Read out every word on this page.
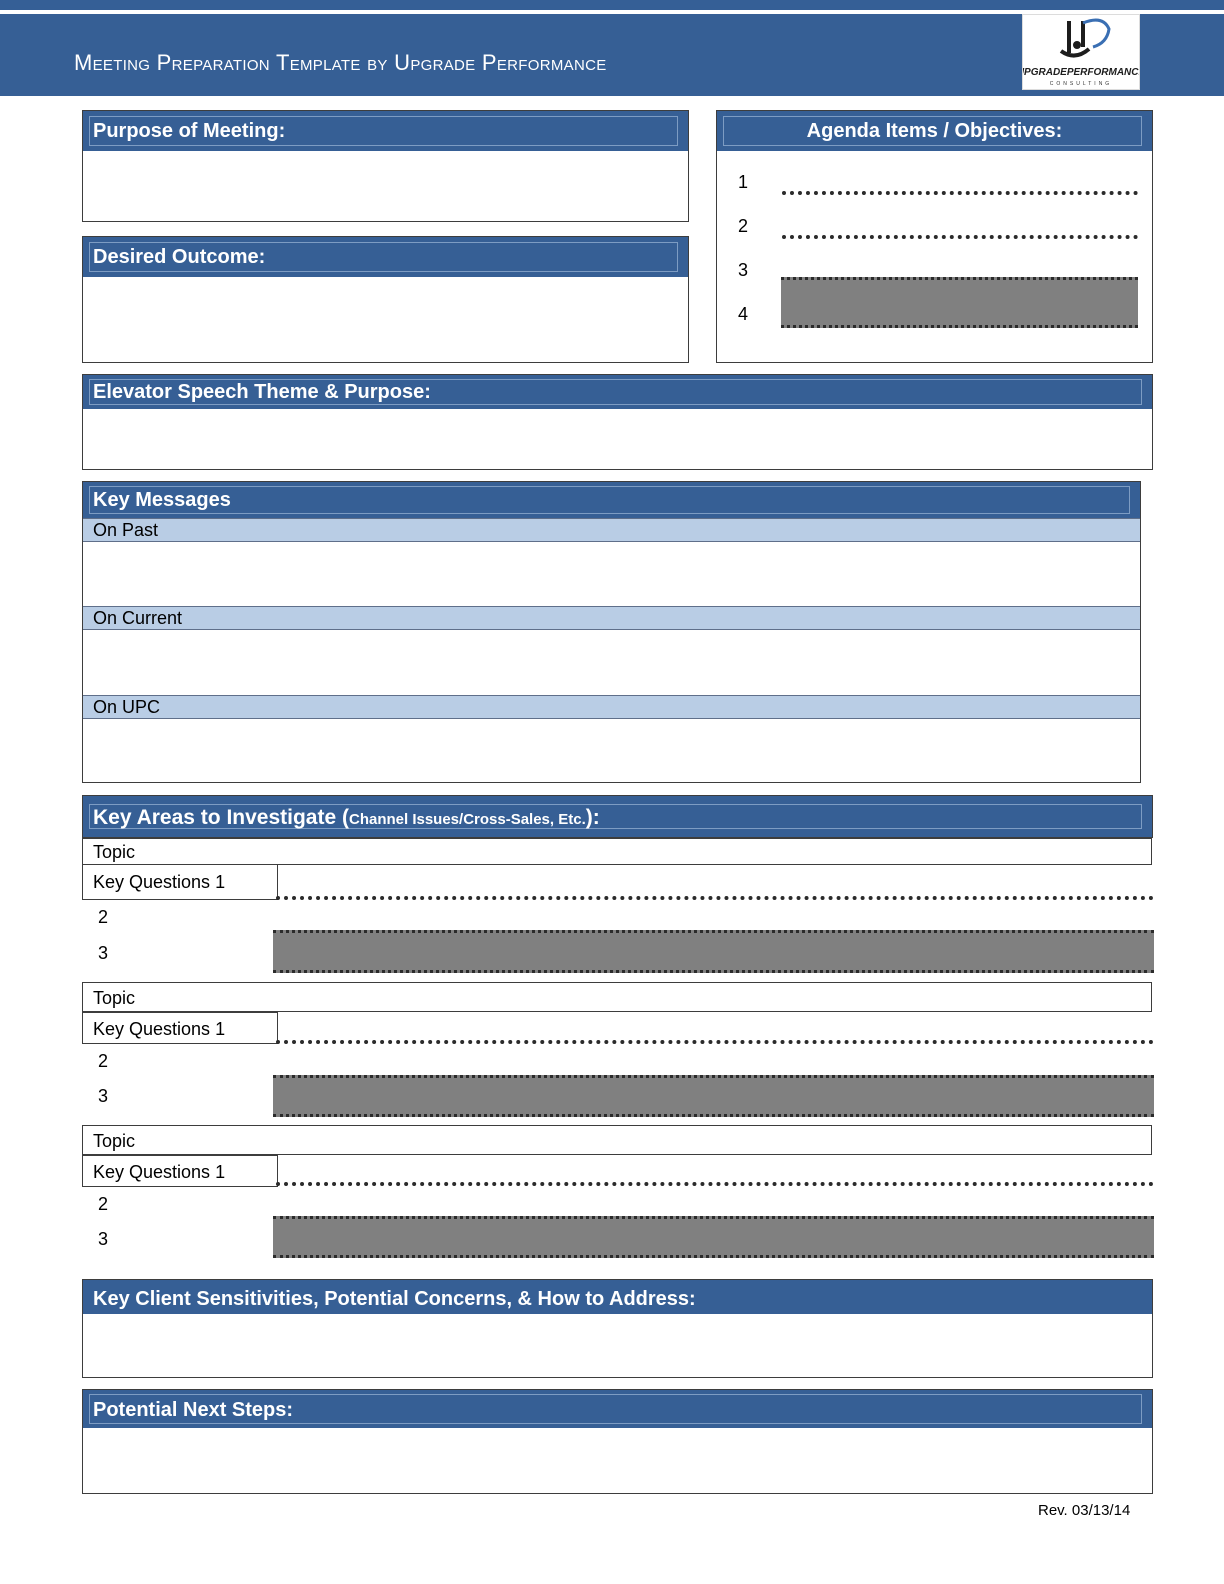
Meeting Preparation Template by Upgrade Performance	UPGRADEPERFORMANCE
CONSULTING
Purpose of Meeting:
Desired Outcome:
Agenda Items / Objectives:
1
2
3
4
Elevator Speech Theme & Purpose:
Key Messages
On Past
On Current
On UPC
Key Areas to Investigate (Channel Issues/Cross-Sales, Etc.):
Topic
Key Questions 1
2
3
Topic
Key Questions 1
2
3
Topic
Key Questions 1
2
3
Key Client Sensitivities, Potential Concerns, & How to Address:
Potential Next Steps:
Rev. 03/13/14
